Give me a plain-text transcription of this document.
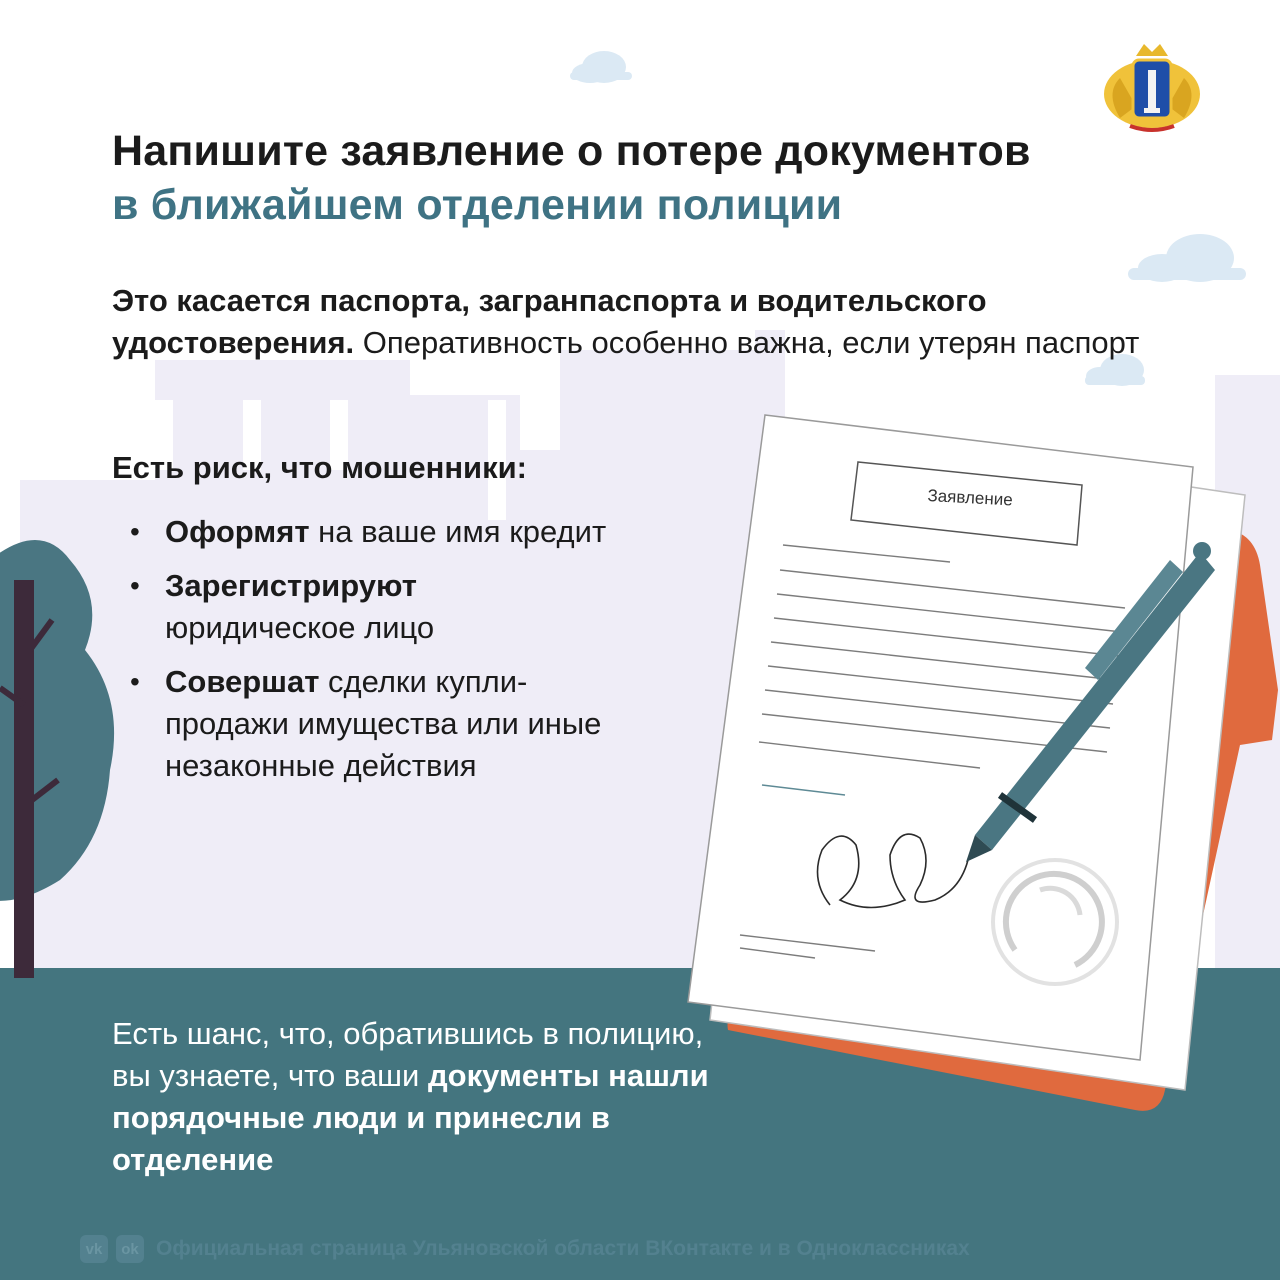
Напишите заявление о потере документов
в ближайшем отделении полиции

Это касается паспорта, загранпаспорта и водительского удостоверения. Оперативность особенно важна, если утерян паспорт

Есть риск, что мошенники:

• Оформят на ваше имя кредит
• Зарегистрируют
юридическое лицо
• Совершат сделки купли-продажи имущества или иные незаконные действия
Заявление

Есть шанс, что, обратившись в полицию, вы узнаете, что ваши документы нашли порядочные люди и принесли в отделение

vk	ok Официальная страница Ульяновской области ВКонтакте и в Одноклассниках
